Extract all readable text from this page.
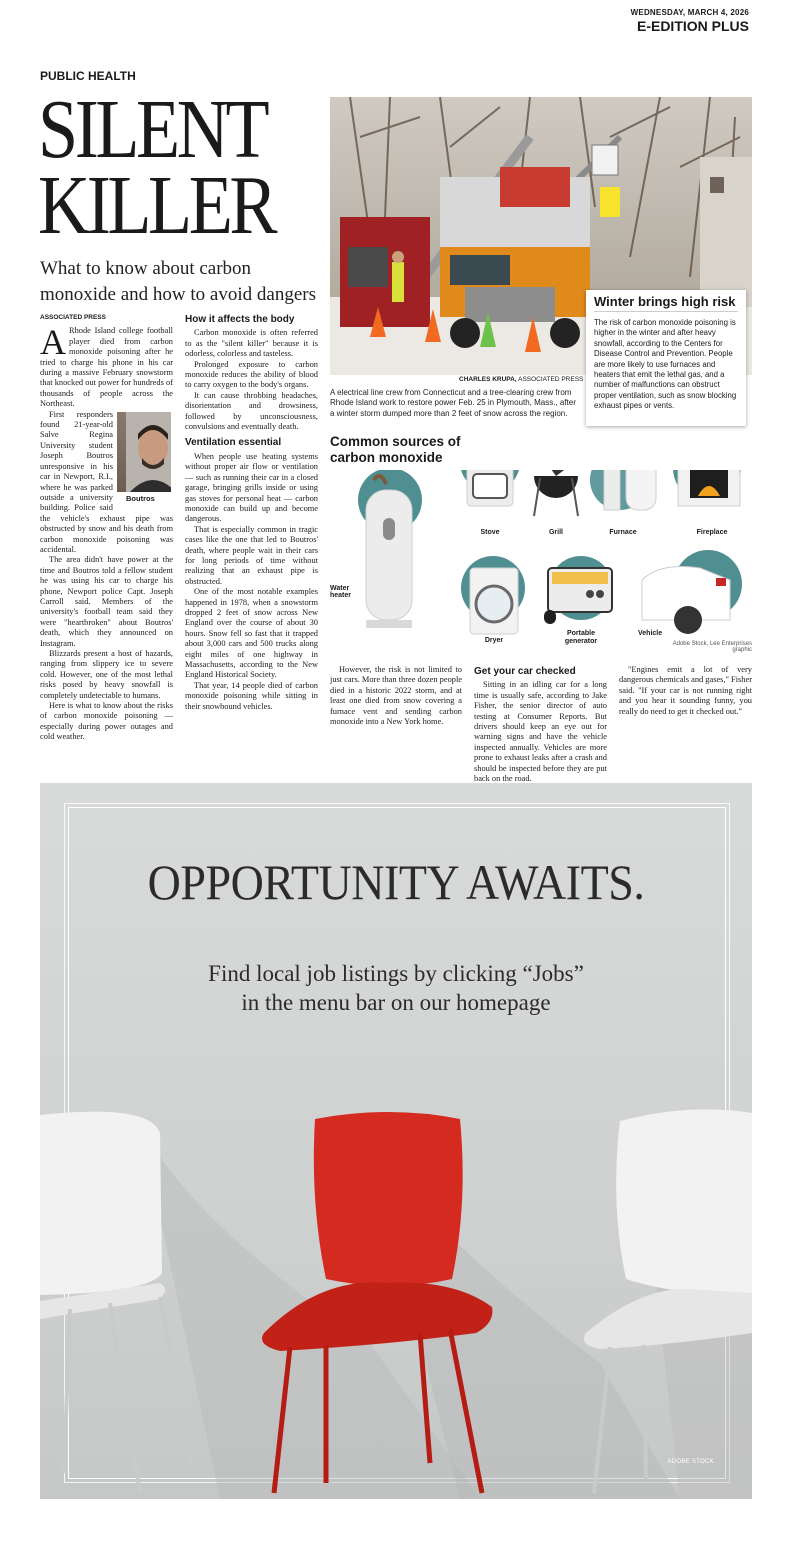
WEDNESDAY, MARCH 4, 2026
E-EDITION PLUS
PUBLIC HEALTH
SILENT
KILLER
What to know about carbon monoxide and how to avoid dangers
CHARLES KRUPA, ASSOCIATED PRESS
A electrical line crew from Connecticut and a tree-clearing crew from Rhode Island work to restore power Feb. 25 in Plymouth, Mass., after a winter storm dumped more than 2 feet of snow across the region.
Winter brings high risk

The risk of carbon monoxide poisoning is higher in the winter and after heavy snowfall, according to the Centers for Disease Control and Prevention. People are more likely to use furnaces and heaters that emit the lethal gas, and a number of malfunctions can obstruct proper ventilation, such as snow blocking exhaust pipes or vents.

ASSOCIATED PRESS

A Rhode Island college football player died from carbon monoxide poisoning after he tried to charge his phone in his car during a massive February snowstorm that knocked out power for hundreds of thousands of people across the Northeast.

Boutros
First responders found 21-year-old Salve Regina University student Joseph Boutros unresponsive in his car in Newport, R.I., where he was parked outside a university building. Police said the vehicle's exhaust pipe was obstructed by snow and his death from carbon monoxide poisoning was accidental.

The area didn't have power at the time and Boutros told a fellow student he was using his car to charge his phone, Newport police Capt. Joseph Carroll said. Members of the university's football team said they were "heartbroken" about Boutros' death, which they announced on Instagram.

Blizzards present a host of hazards, ranging from slippery ice to severe cold. However, one of the most lethal risks posed by heavy snowfall is completely undetectable to humans.

Here is what to know about the risks of carbon monoxide poisoning — especially during power outages and cold weather.

How it affects the body

Carbon monoxide is often referred to as the "silent killer" because it is odorless, colorless and tasteless.

Prolonged exposure to carbon monoxide reduces the ability of blood to carry oxygen to the body's organs.

It can cause throbbing headaches, disorientation and drowsiness, followed by unconsciousness, convulsions and eventually death.

Ventilation essential

When people use heating systems without proper air flow or ventilation — such as running their car in a closed garage, bringing grills inside or using gas stoves for personal heat — carbon monoxide can build up and become dangerous.

That is especially common in tragic cases like the one that led to Boutros' death, where people wait in their cars for long periods of time without realizing that an exhaust pipe is obstructed.

One of the most notable examples happened in 1978, when a snowstorm dropped 2 feet of snow across New England over the course of about 30 hours. Snow fell so fast that it trapped about 3,000 cars and 500 trucks along eight miles of one highway in Massachusetts, according to the New England Historical Society.

That year, 14 people died of carbon monoxide poisoning while sitting in their snowbound vehicles.

However, the risk is not limited to just cars. More than three dozen people died in a historic 2022 storm, and at least one died from snow covering a furnace vent and sending carbon monoxide into a New York home.

Get your car checked

Sitting in an idling car for a long time is usually safe, according to Jake Fisher, the senior director of auto testing at Consumer Reports. But drivers should keep an eye out for warning signs and have the vehicle inspected annually. Vehicles are more prone to exhaust leaks after a crash and should be inspected before they are put back on the road.

"Engines emit a lot of very dangerous chemicals and gases," Fisher said. "If your car is not running right and you hear it sounding funny, you really do need to get it checked out."

Common sources of
carbon monoxide
Water
heater
Stove	Grill	Furnace	Fireplace
Dryer
Portable
generator
Vehicle
Adobe Stock, Lee Enterprises graphic
OPPORTUNITY AWAITS.
Find local job listings by clicking “Jobs”
in the menu bar on our homepage
ADOBE STOCK
